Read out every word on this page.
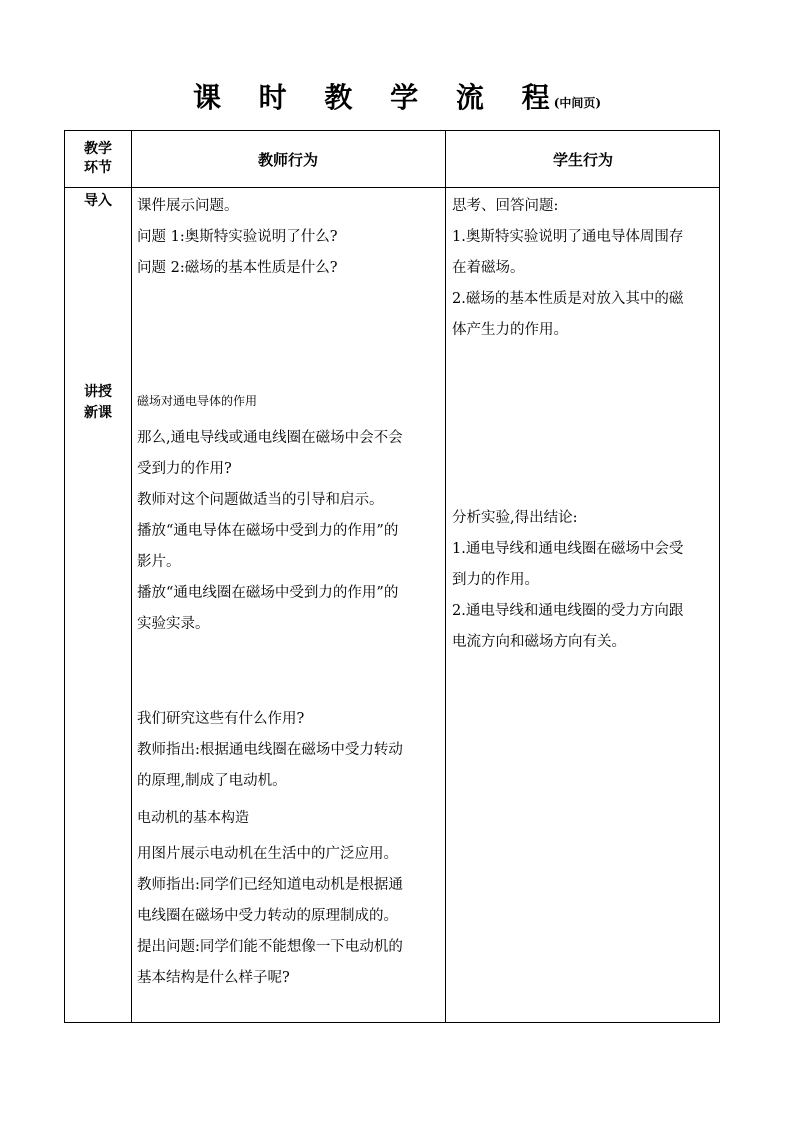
课 时 教 学 流 程(中间页)
教学
环节	教师行为	学生行为
导入
讲授
新课
课件展示问题。
问题 1:奥斯特实验说明了什么?
问题 2:磁场的基本性质是什么?
磁场对通电导体的作用
那么,通电导线或通电线圈在磁场中会不会
受到力的作用?
教师对这个问题做适当的引导和启示。
播放“通电导体在磁场中受到力的作用”的
影片。
播放“通电线圈在磁场中受到力的作用”的
实验实录。
我们研究这些有什么作用?
教师指出:根据通电线圈在磁场中受力转动
的原理,制成了电动机。
电动机的基本构造
用图片展示电动机在生活中的广泛应用。
教师指出:同学们已经知道电动机是根据通
电线圈在磁场中受力转动的原理制成的。
提出问题:同学们能不能想像一下电动机的
基本结构是什么样子呢?
思考、回答问题:
1.奥斯特实验说明了通电导体周围存
在着磁场。
2.磁场的基本性质是对放入其中的磁
体产生力的作用。
分析实验,得出结论:
1.通电导线和通电线圈在磁场中会受
到力的作用。
2.通电导线和通电线圈的受力方向跟
电流方向和磁场方向有关。
